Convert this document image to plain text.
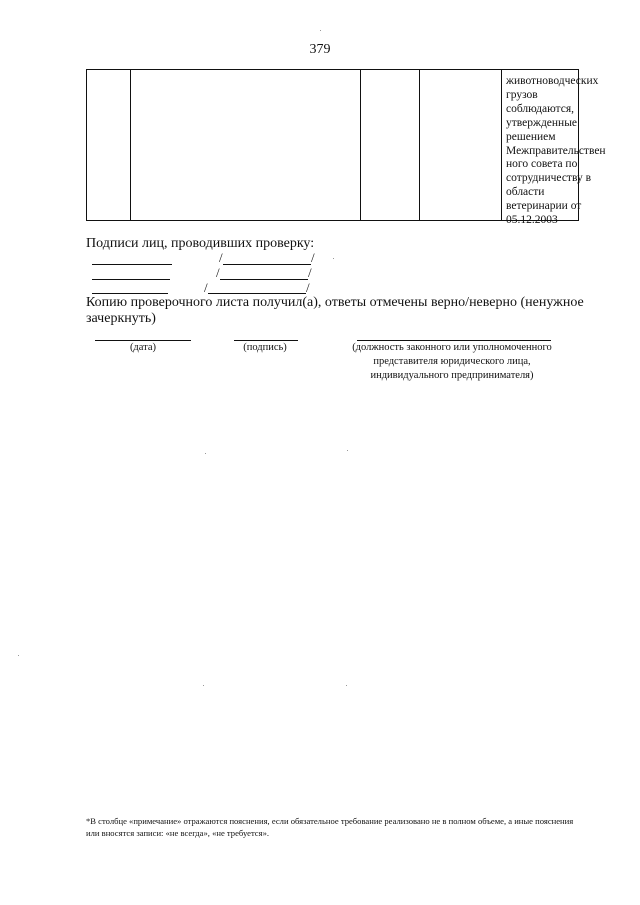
379
животноводческих
грузов
соблюдаются,
утвержденные
решением
Межправительствен
ного совета по
сотрудничеству в
области
ветеринарии от
05.12.2003
Подписи лиц, проводивших проверку:
/	/
/	/
/	/
Копию проверочного листа получил(а), ответы отмечены верно/неверно (ненужное зачеркнуть)
(дата)	(подпись)	(должность законного или уполномоченного
представителя юридического лица,
индивидуального предпринимателя)
*В столбце «примечание» отражаются пояснения, если обязательное требование реализовано не в полном объеме, а иные пояснения или вносятся записи: «не всегда», «не требуется».
